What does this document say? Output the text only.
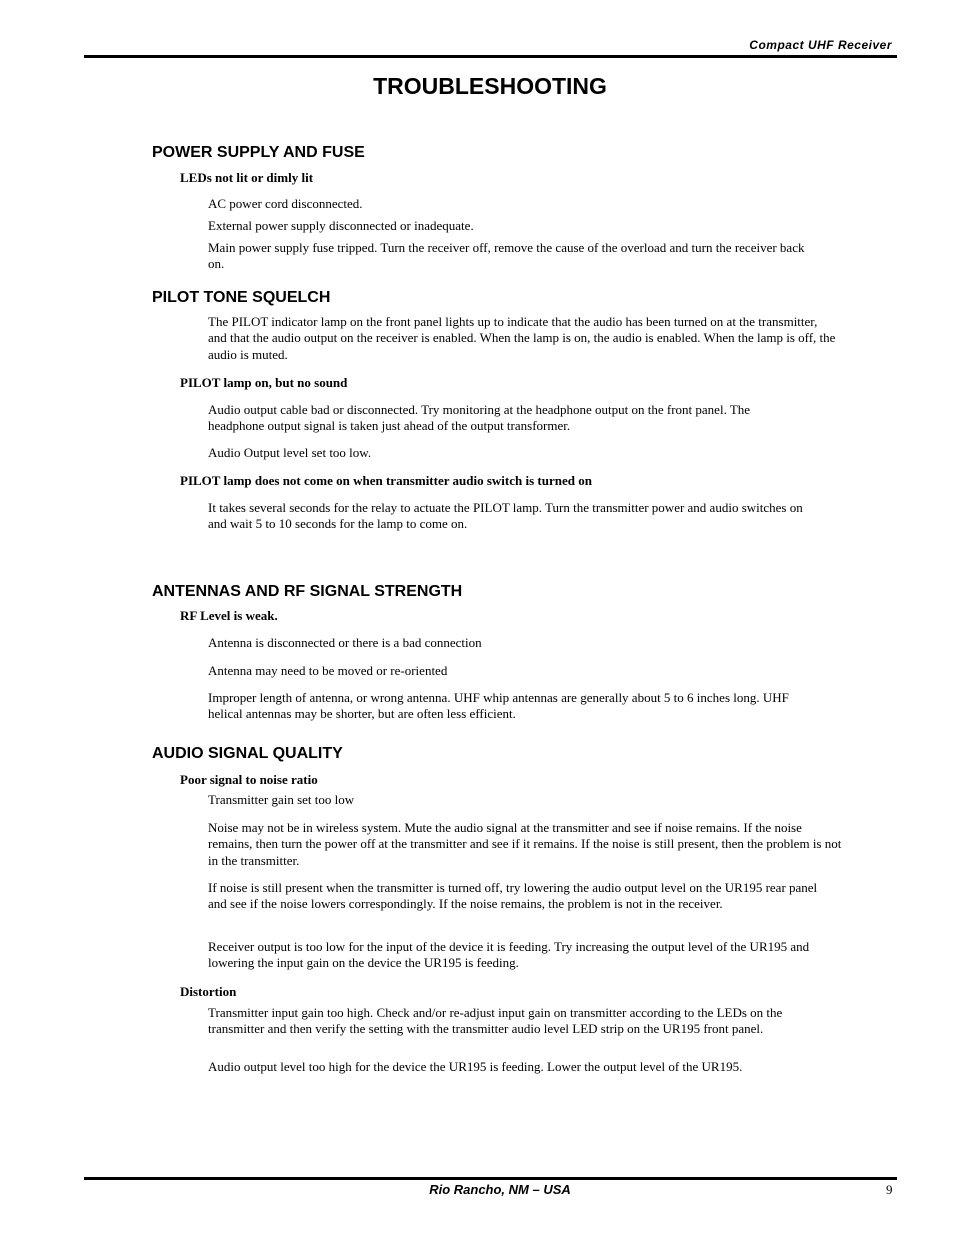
Compact UHF Receiver
TROUBLESHOOTING
POWER SUPPLY AND FUSE
LEDs not lit or dimly lit
AC power cord disconnected.
External power supply disconnected or inadequate.
Main power supply fuse tripped. Turn the receiver off, remove the cause of the overload and turn the receiver back on.
PILOT TONE SQUELCH
The PILOT indicator lamp on the front panel lights up to indicate that the audio has been turned on at the transmitter, and that the audio output on the receiver is enabled. When the lamp is on, the audio is enabled. When the lamp is off, the audio is muted.
PILOT lamp on, but no sound
Audio output cable bad or disconnected. Try monitoring at the headphone output on the front panel. The headphone output signal is taken just ahead of the output transformer.
Audio Output level set too low.
PILOT lamp does not come on when transmitter audio switch is turned on
It takes several seconds for the relay to actuate the PILOT lamp. Turn the transmitter power and audio switches on and wait 5 to 10 seconds for the lamp to come on.
ANTENNAS AND RF SIGNAL STRENGTH
RF Level is weak.
Antenna is disconnected or there is a bad connection
Antenna may need to be moved or re-oriented
Improper length of antenna, or wrong antenna. UHF whip antennas are generally about 5 to 6 inches long. UHF helical antennas may be shorter, but are often less efficient.
AUDIO SIGNAL QUALITY
Poor signal to noise ratio
Transmitter gain set too low
Noise may not be in wireless system. Mute the audio signal at the transmitter and see if noise remains. If the noise remains, then turn the power off at the transmitter and see if it remains. If the noise is still present, then the problem is not in the transmitter.
If noise is still present when the transmitter is turned off, try lowering the audio output level on the UR195 rear panel and see if the noise lowers correspondingly. If the noise remains, the problem is not in the receiver.
Receiver output is too low for the input of the device it is feeding. Try increasing the output level of the UR195 and lowering the input gain on the device the UR195 is feeding.
Distortion
Transmitter input gain too high. Check and/or re-adjust input gain on transmitter according to the LEDs on the transmitter and then verify the setting with the transmitter audio level LED strip on the UR195 front panel.
Audio output level too high for the device the UR195 is feeding. Lower the output level of the UR195.
Rio Rancho, NM – USA	9
